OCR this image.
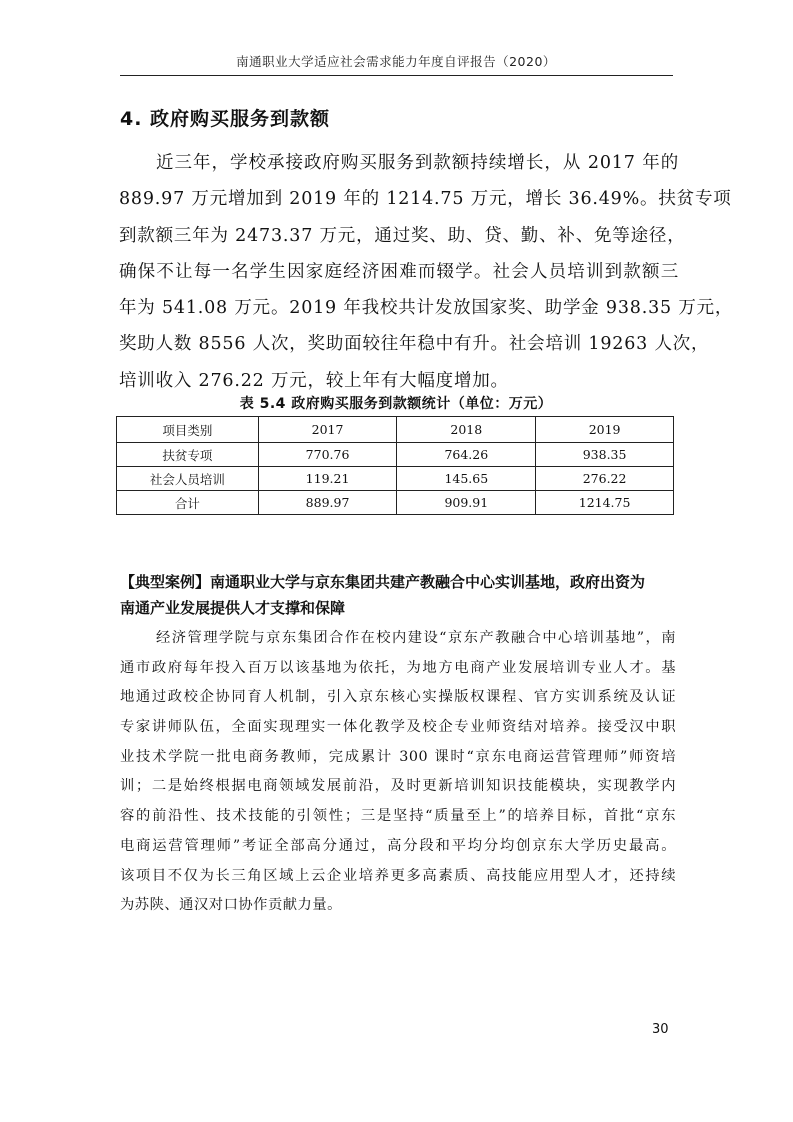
南通职业大学适应社会需求能力年度自评报告（2020）
4. 政府购买服务到款额
　　近三年，学校承接政府购买服务到款额持续增长，从 2017 年的
889.97 万元增加到 2019 年的 1214.75 万元，增长 36.49%。扶贫专项
到款额三年为 2473.37 万元，通过奖、助、贷、勤、补、免等途径，
确保不让每一名学生因家庭经济困难而辍学。社会人员培训到款额三
年为 541.08 万元。2019 年我校共计发放国家奖、助学金 938.35 万元，
奖助人数 8556 人次，奖助面较往年稳中有升。社会培训 19263 人次，
培训收入 276.22 万元，较上年有大幅度增加。
表 5.4 政府购买服务到款额统计（单位：万元）
项目类别	2017	2018	2019
扶贫专项	770.76	764.26	938.35
社会人员培训	119.21	145.65	276.22
合计	889.97	909.91	1214.75
【典型案例】南通职业大学与京东集团共建产教融合中心实训基地，政府出资为
南通产业发展提供人才支撑和保障
经济管理学院与京东集团合作在校内建设“京东产教融合中心培训基地”，南
通市政府每年投入百万以该基地为依托，为地方电商产业发展培训专业人才。基
地通过政校企协同育人机制，引入京东核心实操版权课程、官方实训系统及认证
专家讲师队伍，全面实现理实一体化教学及校企专业师资结对培养。接受汉中职
业技术学院一批电商务教师，完成累计 300 课时“京东电商运营管理师”师资培
训；二是始终根据电商领域发展前沿，及时更新培训知识技能模块，实现教学内
容的前沿性、技术技能的引领性；三是坚持“质量至上”的培养目标，首批“京东
电商运营管理师”考证全部高分通过，高分段和平均分均创京东大学历史最高。
该项目不仅为长三角区域上云企业培养更多高素质、高技能应用型人才，还持续
为苏陕、通汉对口协作贡献力量。
30
